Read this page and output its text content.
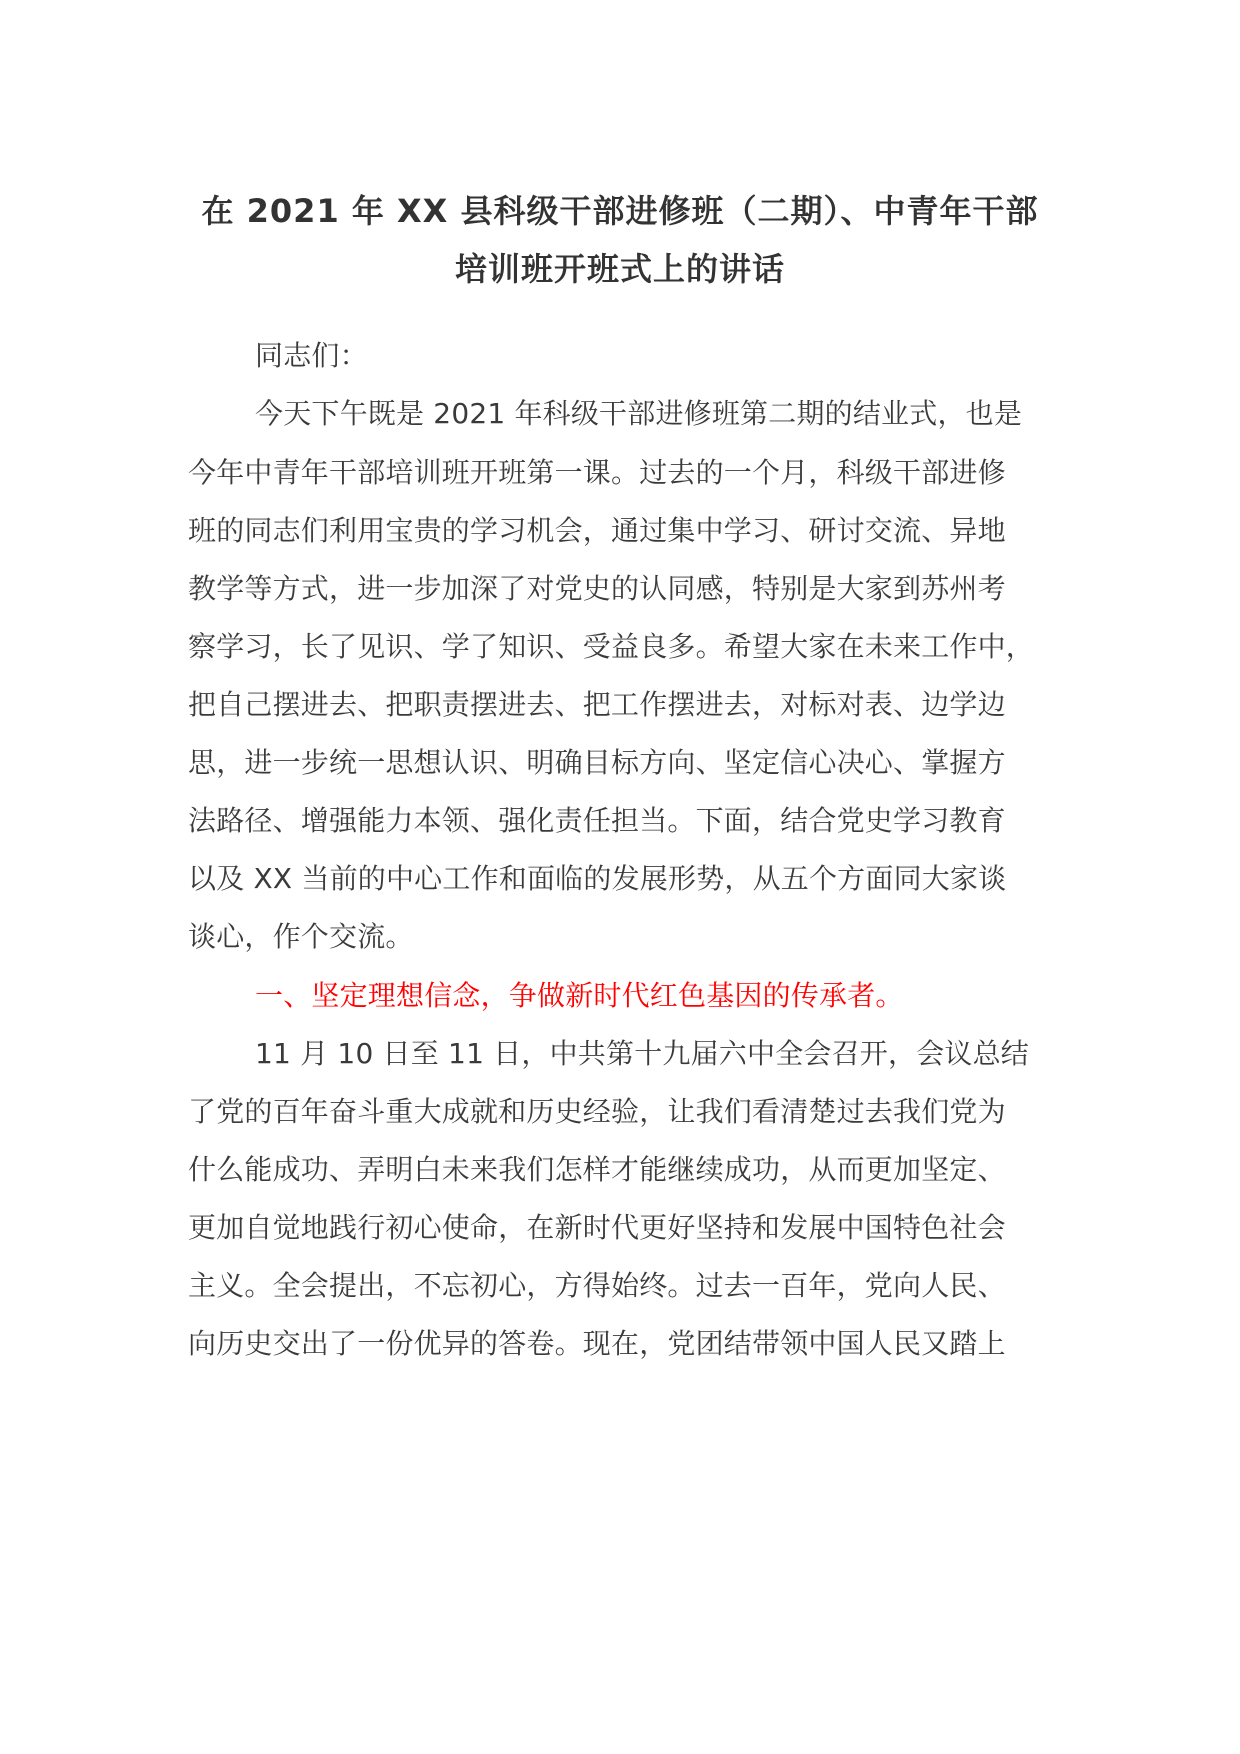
在 2021 年 XX 县科级干部进修班（二期）、中青年干部
培训班开班式上的讲话
同志们：
今天下午既是 2021 年科级干部进修班第二期的结业式，也是
今年中青年干部培训班开班第一课。过去的一个月，科级干部进修
班的同志们利用宝贵的学习机会，通过集中学习、研讨交流、异地
教学等方式，进一步加深了对党史的认同感，特别是大家到苏州考
察学习，长了见识、学了知识、受益良多。希望大家在未来工作中，
把自己摆进去、把职责摆进去、把工作摆进去，对标对表、边学边
思，进一步统一思想认识、明确目标方向、坚定信心决心、掌握方
法路径、增强能力本领、强化责任担当。下面，结合党史学习教育
以及 XX 当前的中心工作和面临的发展形势，从五个方面同大家谈
谈心，作个交流。
一、坚定理想信念，争做新时代红色基因的传承者。
11 月 10 日至 11 日，中共第十九届六中全会召开，会议总结
了党的百年奋斗重大成就和历史经验，让我们看清楚过去我们党为
什么能成功、弄明白未来我们怎样才能继续成功，从而更加坚定、
更加自觉地践行初心使命，在新时代更好坚持和发展中国特色社会
主义。全会提出，不忘初心，方得始终。过去一百年，党向人民、
向历史交出了一份优异的答卷。现在，党团结带领中国人民又踏上
